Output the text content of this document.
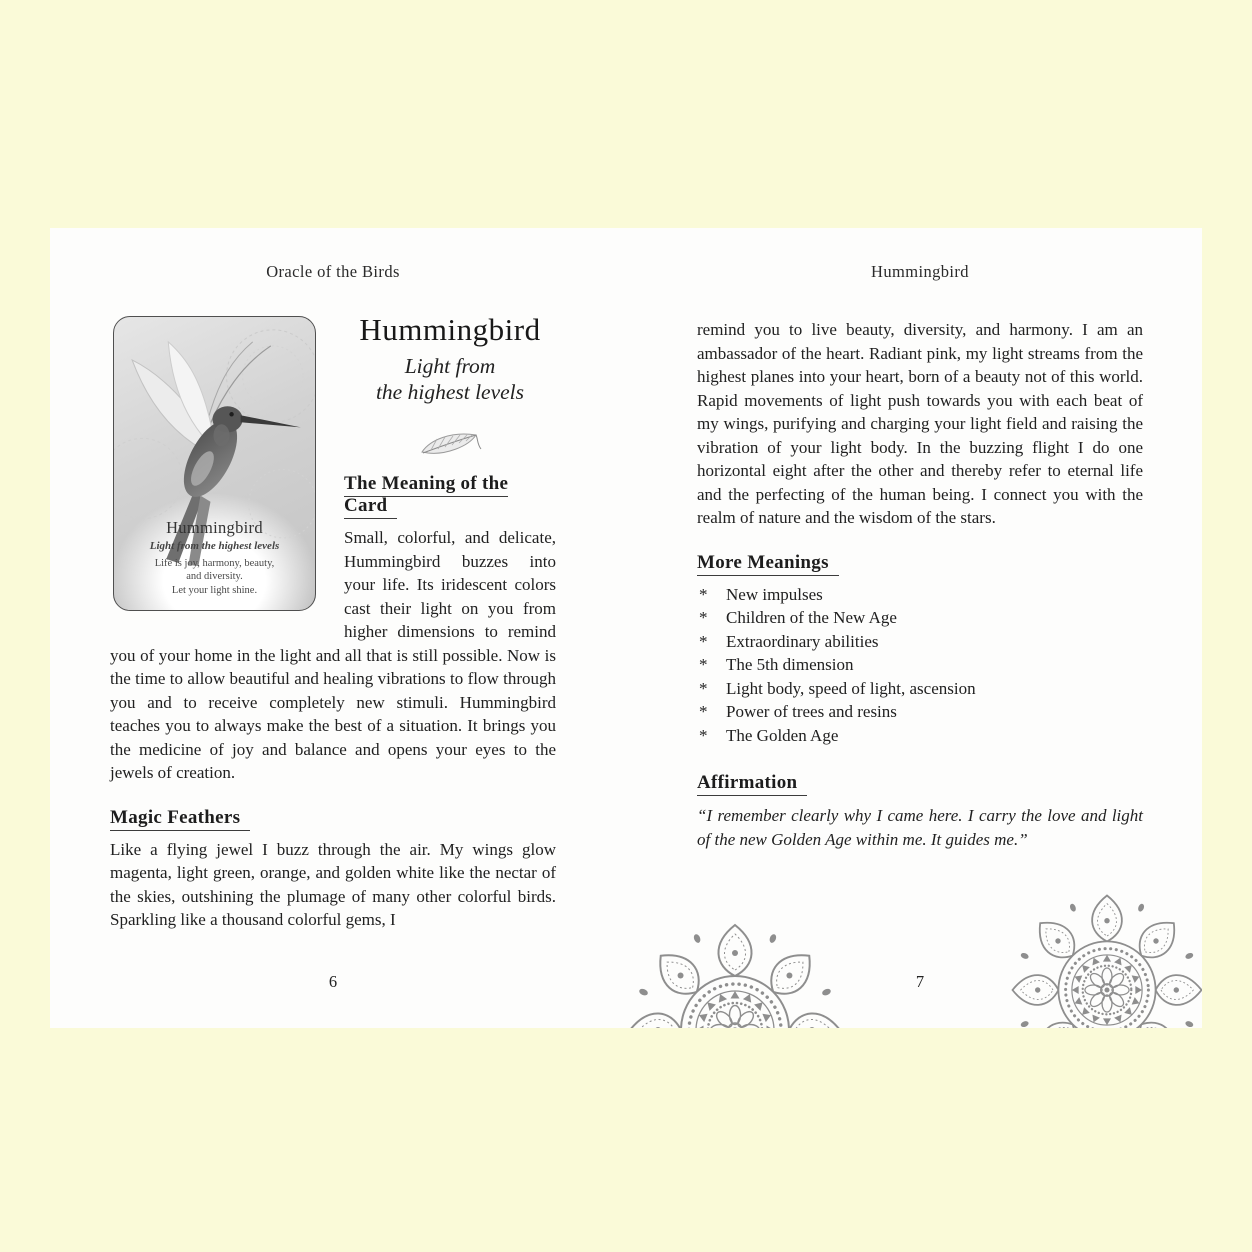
Oracle of the Birds
Hummingbird
Light from the highest levels
Life is joy, harmony, beauty,
and diversity.
Let your light shine.
Hummingbird
Light from
the highest levels
The Meaning of the Card

Small, colorful, and delicate, Hummingbird buzzes into your life. Its iridescent colors cast their light on you from higher dimensions to remind you of your home in the light and all that is still possible. Now is the time to allow beautiful and healing vibrations to flow through you and to receive completely new stimuli. Hummingbird teaches you to always make the best of a situation. It brings you the medicine of joy and balance and opens your eyes to the jewels of creation.

Magic Feathers

Like a flying jewel I buzz through the air. My wings glow magenta, light green, orange, and golden white like the nectar of the skies, outshining the plumage of many other colorful birds. Sparkling like a thousand colorful gems, I

6
Hummingbird

remind you to live beauty, diversity, and harmony. I am an ambassador of the heart. Radiant pink, my light streams from the highest planes into your heart, born of a beauty not of this world. Rapid movements of light push towards you with each beat of my wings, purifying and charging your light field and raising the vibration of your light body. In the buzzing flight I do one horizontal eight after the other and thereby refer to eternal life and the perfecting of the human being. I connect you with the realm of nature and the wisdom of the stars.

More Meanings
*	New impulses
*	Children of the New Age
*	Extraordinary abilities
*	The 5th dimension
*	Light body, speed of light, ascension
*	Power of trees and resins
*	The Golden Age
Affirmation

“I remember clearly why I came here. I carry the love and light of the new Golden Age within me. It guides me.”

7
